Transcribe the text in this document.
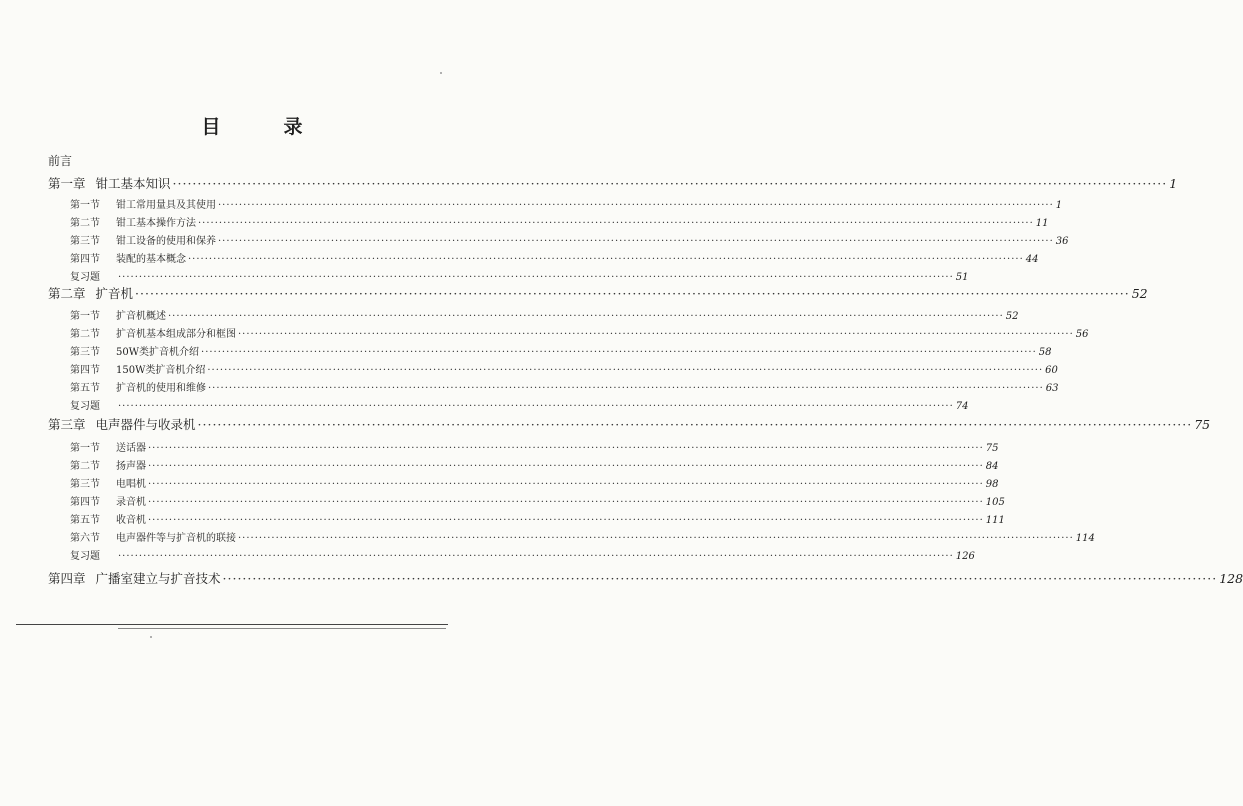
目　录
前言
第一章 钳工基本知识 ········································································································································································································ 1
第一节 钳工常用量具及其使用 ········································································································································································································ 1
第二节 钳工基本操作方法 ········································································································································································································ 11
第三节 钳工设备的使用和保养 ········································································································································································································ 36
第四节 装配的基本概念 ········································································································································································································ 44
复习题	········································································································································································································ 51
第二章 扩音机 ········································································································································································································ 52
第一节 扩音机概述 ········································································································································································································ 52
第二节 扩音机基本组成部分和框图 ········································································································································································································ 56
第三节 50W类扩音机介绍 ········································································································································································································ 58
第四节 150W类扩音机介绍 ········································································································································································································ 60
第五节 扩音机的使用和维修 ········································································································································································································ 63
复习题	········································································································································································································ 74
第三章 电声器件与收录机 ········································································································································································································ 75
第一节 送话器 ········································································································································································································ 75
第二节 扬声器 ········································································································································································································ 84
第三节 电唱机 ········································································································································································································ 98
第四节 录音机 ········································································································································································································ 105
第五节 收音机 ········································································································································································································ 111
第六节 电声器件等与扩音机的联接 ········································································································································································································ 114
复习题	········································································································································································································ 126
第四章 广播室建立与扩音技术 ········································································································································································································ 128
